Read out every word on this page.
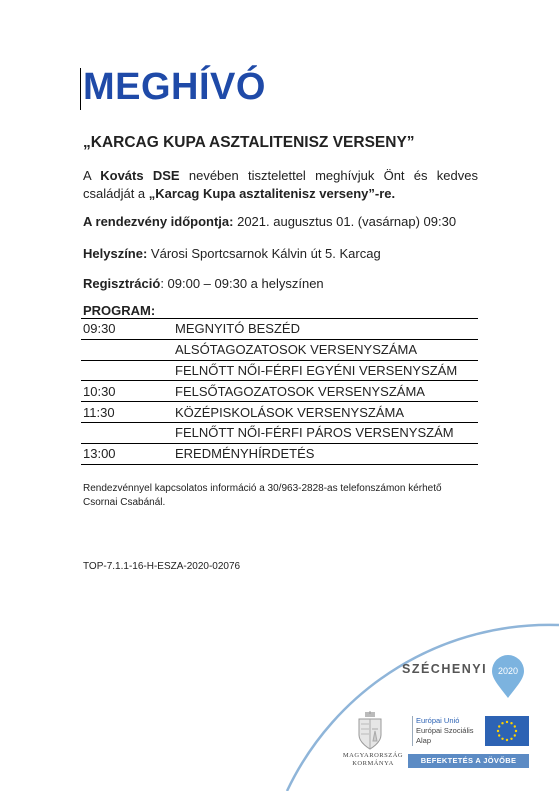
MEGHÍVÓ
„KARCAG KUPA ASZTALITENISZ VERSENY”

A Kováts DSE nevében tisztelettel meghívjuk Önt és kedves családját a „Karcag Kupa asztalitenisz verseny”-re.

A rendezvény időpontja: 2021. augusztus 01. (vasárnap) 09:30

Helyszíne: Városi Sportcsarnok Kálvin út 5. Karcag

Regisztráció: 09:00 – 09:30 a helyszínen

PROGRAM:
09:30	MEGNYITÓ BESZÉD
	ALSÓTAGOZATOSOK VERSENYSZÁMA
	FELNŐTT NŐI-FÉRFI EGYÉNI VERSENYSZÁM
10:30	FELSŐTAGOZATOSOK VERSENYSZÁMA
11:30	KÖZÉPISKOLÁSOK VERSENYSZÁMA
	FELNŐTT NŐI-FÉRFI PÁROS VERSENYSZÁM
13:00	EREDMÉNYHÍRDETÉS

Rendezvénnyel kapcsolatos információ a 30/963-2828-as telefonszámon kérhető Csornai Csabánál.

TOP-7.1.1-16-H-ESZA-2020-02076

SZÉCHENYI 2020
MAGYARORSZÁG
KORMÁNYA
Európai Unió
Európai Szociális
Alap
BEFEKTETÉS A JÖVŐBE
